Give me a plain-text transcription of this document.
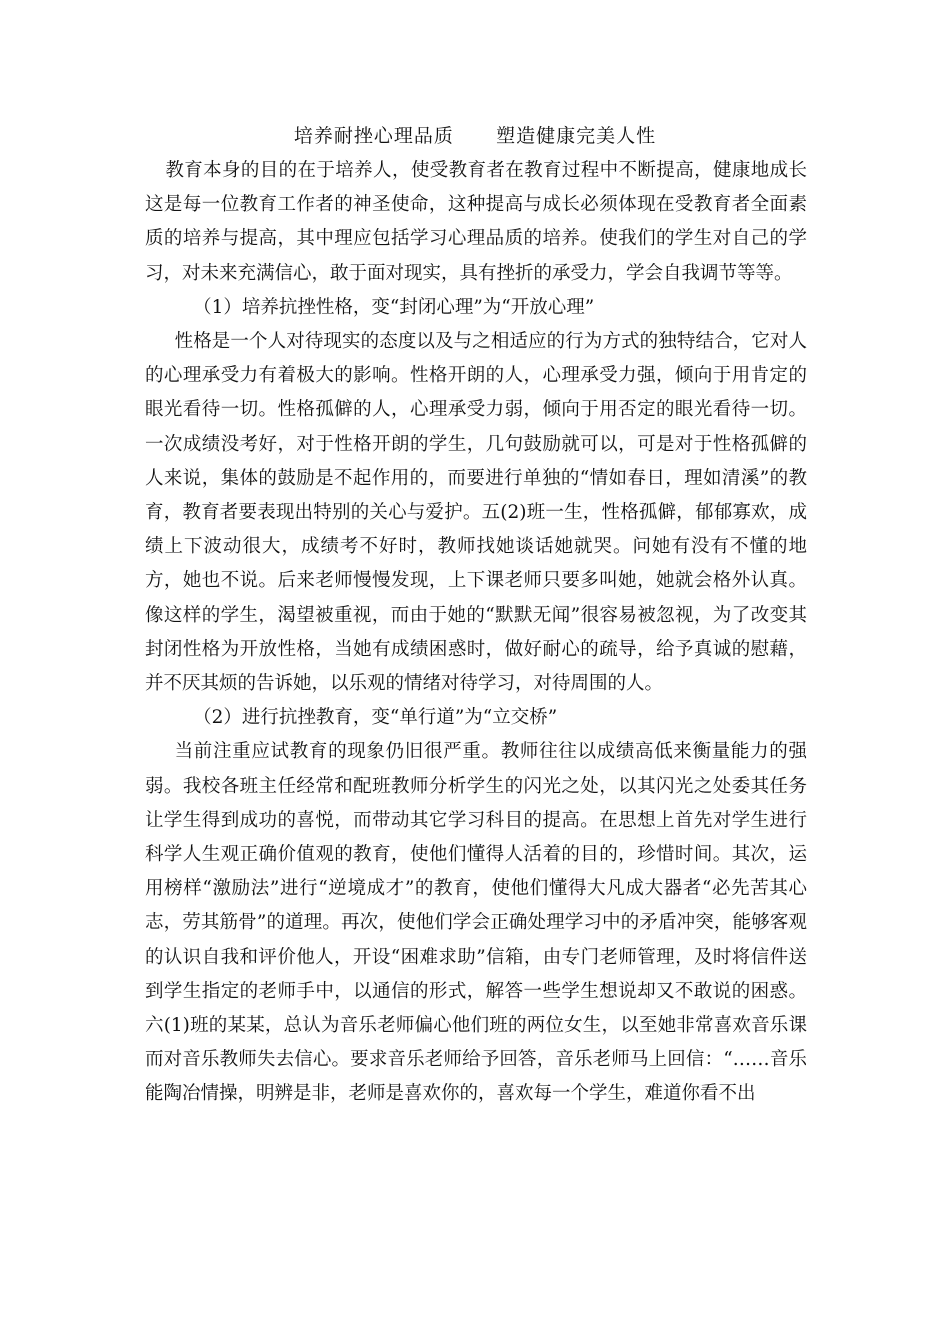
培养耐挫心理品质      塑造健康完美人性

教育本身的目的在于培养人，使受教育者在教育过程中不断提高，健康地成长这是每一位教育工作者的神圣使命，这种提高与成长必须体现在受教育者全面素质的培养与提高，其中理应包括学习心理品质的培养。使我们的学生对自己的学习，对未来充满信心，敢于面对现实，具有挫折的承受力，学会自我调节等等。

（1）培养抗挫性格，变“封闭心理”为“开放心理”

性格是一个人对待现实的态度以及与之相适应的行为方式的独特结合，它对人的心理承受力有着极大的影响。性格开朗的人，心理承受力强，倾向于用肯定的眼光看待一切。性格孤僻的人，心理承受力弱，倾向于用否定的眼光看待一切。一次成绩没考好，对于性格开朗的学生，几句鼓励就可以，可是对于性格孤僻的人来说，集体的鼓励是不起作用的，而要进行单独的“情如春日，理如清溪”的教育，教育者要表现出特别的关心与爱护。五(2)班一生，性格孤僻，郁郁寡欢，成绩上下波动很大，成绩考不好时，教师找她谈话她就哭。问她有没有不懂的地方，她也不说。后来老师慢慢发现，上下课老师只要多叫她，她就会格外认真。像这样的学生，渴望被重视，而由于她的“默默无闻”很容易被忽视，为了改变其封闭性格为开放性格，当她有成绩困惑时，做好耐心的疏导，给予真诚的慰藉，并不厌其烦的告诉她，以乐观的情绪对待学习，对待周围的人。

（2）进行抗挫教育，变“单行道”为“立交桥”

当前注重应试教育的现象仍旧很严重。教师往往以成绩高低来衡量能力的强弱。我校各班主任经常和配班教师分析学生的闪光之处，以其闪光之处委其任务让学生得到成功的喜悦，而带动其它学习科目的提高。在思想上首先对学生进行科学人生观正确价值观的教育，使他们懂得人活着的目的，珍惜时间。其次，运用榜样“激励法”进行“逆境成才”的教育，使他们懂得大凡成大器者“必先苦其心志，劳其筋骨”的道理。再次，使他们学会正确处理学习中的矛盾冲突，能够客观的认识自我和评价他人，开设“困难求助”信箱，由专门老师管理，及时将信件送到学生指定的老师手中，以通信的形式，解答一些学生想说却又不敢说的困惑。六(1)班的某某，总认为音乐老师偏心他们班的两位女生，以至她非常喜欢音乐课而对音乐教师失去信心。要求音乐老师给予回答，音乐老师马上回信：“……音乐能陶冶情操，明辨是非，老师是喜欢你的，喜欢每一个学生，难道你看不出
